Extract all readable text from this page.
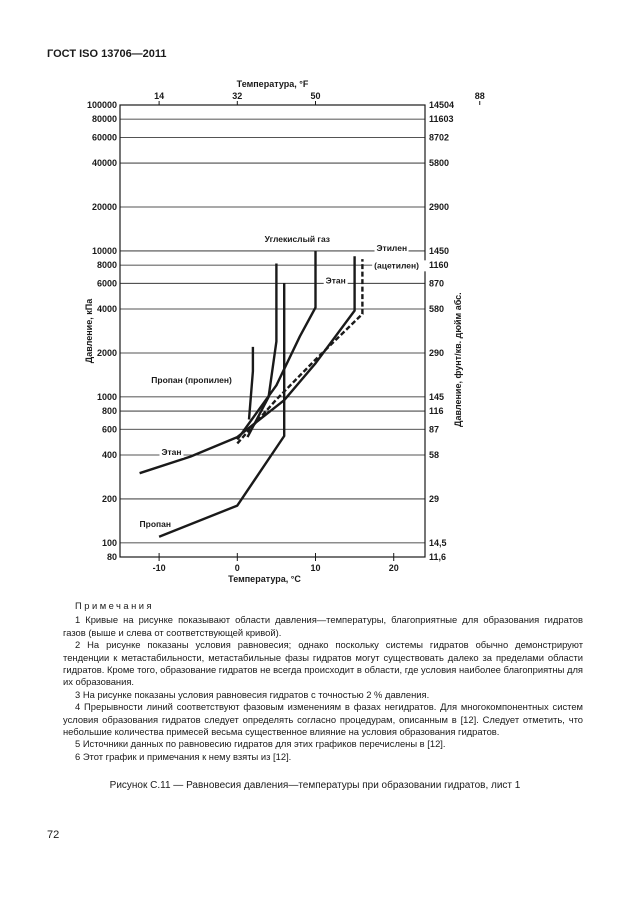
ГОСТ ISO 13706—2011
80
100
200
400
600
800
1000
2000
4000
6000
8000
10000
20000
40000
60000
80000
100000
11,6
14,5
29
58
87
116
145
290
580
870
1160
1450
2900
5800
8702
11603
14504
-10	0	10	20
14	32	50	88
Углекислый газ
Этан
Этилен
(ацетилен)
Пропан (пропилен)
Этан
Пропан
Температура, °F
Температура, °С
Давление, кПа	Давление, фунт/кв. дюйм абс.
Примечания

1 Кривые на рисунке показывают области давления—температуры, благоприятные для образования гидратов газов (выше и слева от соответствующей кривой).

2 На рисунке показаны условия равновесия; однако поскольку системы гидратов обычно демонстрируют тенденции к метастабильности, метастабильные фазы гидратов могут существовать далеко за пределами области гидратов. Кроме того, образование гидратов не всегда происходит в области, где условия наиболее благоприятны для их образования.

3 На рисунке показаны условия равновесия гидратов с точностью 2 % давления.

4 Прерывности линий соответствуют фазовым изменениям в фазах негидратов. Для многокомпонентных систем условия образования гидратов следует определять согласно процедурам, описанным в [12]. Следует отметить, что небольшие количества примесей весьма существенное влияние на условия образования гидратов.

5 Источники данных по равновесию гидратов для этих графиков перечислены в [12].

6 Этот график и примечания к нему взяты из [12].

Рисунок С.11 — Равновесия давления—температуры при образовании гидратов, лист 1
72
